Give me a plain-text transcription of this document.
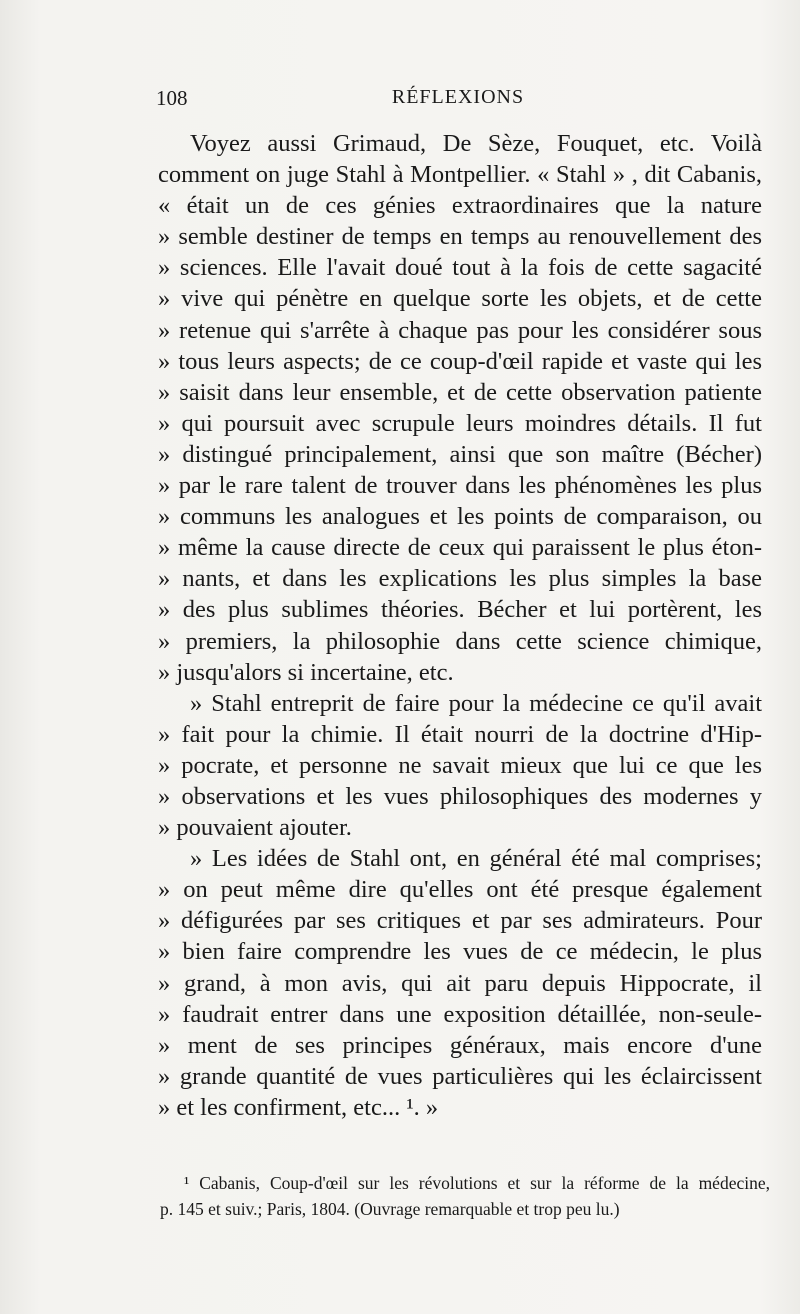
108	RÉFLEXIONS
Voyez aussi Grimaud, De Sèze, Fouquet, etc. Voilà
comment on juge Stahl à Montpellier. « Stahl » , dit Cabanis,
« était un de ces génies extraordinaires que la nature
» semble destiner de temps en temps au renouvellement des
» sciences. Elle l'avait doué tout à la fois de cette sagacité
» vive qui pénètre en quelque sorte les objets, et de cette
» retenue qui s'arrête à chaque pas pour les considérer sous
» tous leurs aspects; de ce coup-d'œil rapide et vaste qui les
» saisit dans leur ensemble, et de cette observation patiente
» qui poursuit avec scrupule leurs moindres détails. Il fut
» distingué principalement, ainsi que son maître (Bécher)
» par le rare talent de trouver dans les phénomènes les plus
» communs les analogues et les points de comparaison, ou
» même la cause directe de ceux qui paraissent le plus éton-
» nants, et dans les explications les plus simples la base
» des plus sublimes théories. Bécher et lui portèrent, les
» premiers, la philosophie dans cette science chimique,
» jusqu'alors si incertaine, etc.
» Stahl entreprit de faire pour la médecine ce qu'il avait
» fait pour la chimie. Il était nourri de la doctrine d'Hip-
» pocrate, et personne ne savait mieux que lui ce que les
» observations et les vues philosophiques des modernes y
» pouvaient ajouter.
» Les idées de Stahl ont, en général été mal comprises;
» on peut même dire qu'elles ont été presque également
» défigurées par ses critiques et par ses admirateurs. Pour
» bien faire comprendre les vues de ce médecin, le plus
» grand, à mon avis, qui ait paru depuis Hippocrate, il
» faudrait entrer dans une exposition détaillée, non-seule-
» ment de ses principes généraux, mais encore d'une
» grande quantité de vues particulières qui les éclaircissent
» et les confirment, etc... ¹. »
¹ Cabanis, Coup-d'œil sur les révolutions et sur la réforme de la médecine,
p. 145 et suiv.; Paris, 1804. (Ouvrage remarquable et trop peu lu.)
